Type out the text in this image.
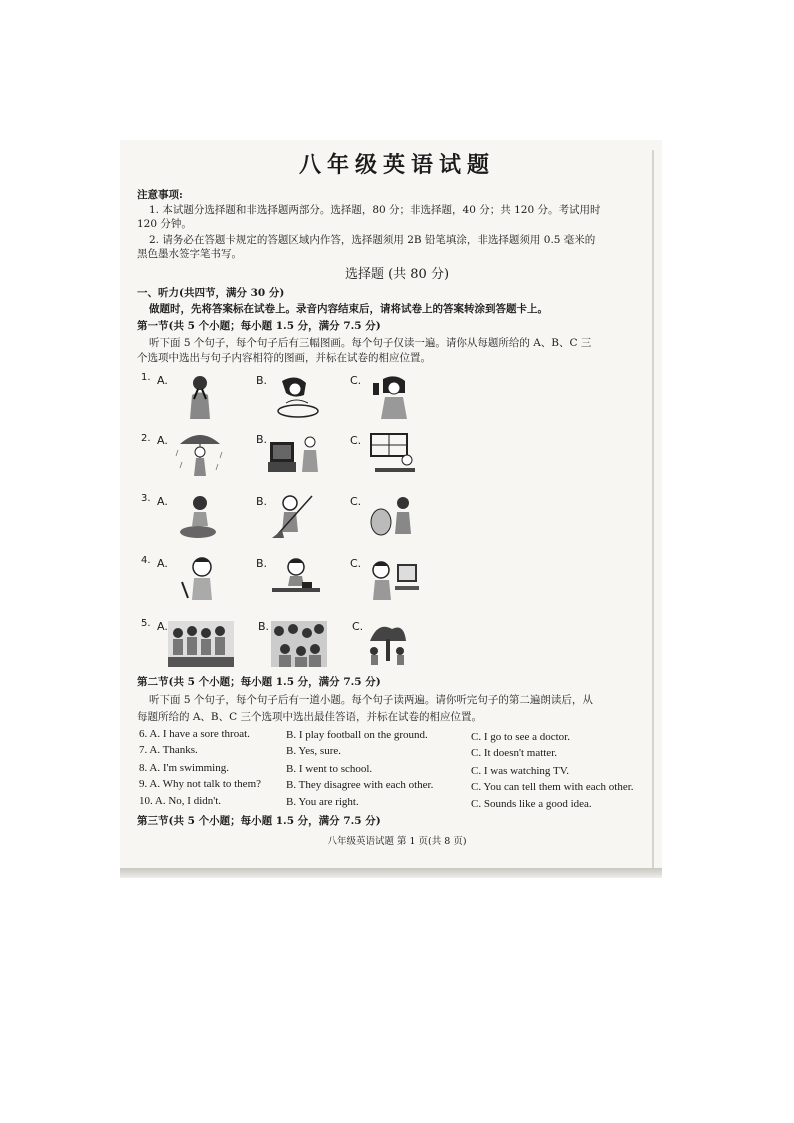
八年级英语试题
注意事项:
1. 本试题分选择题和非选择题两部分。选择题，80 分；非选择题，40 分；共 120 分。考试用时
120 分钟。
2. 请务必在答题卡规定的答题区域内作答，选择题须用 2B 铅笔填涂，非选择题须用 0.5 毫米的
黑色墨水签字笔书写。
选择题 (共 80 分)
一、听力(共四节，满分 30 分)
做题时，先将答案标在试卷上。录音内容结束后，请将试卷上的答案转涂到答题卡上。
第一节(共 5 个小题；每小题 1.5 分，满分 7.5 分)
听下面 5 个句子，每个句子后有三幅图画。每个句子仅读一遍。请你从每题所给的 A、B、C 三
个选项中选出与句子内容相符的图画，并标在试卷的相应位置。
1. A.	B.	C.
2. A.	B.	C.
3. A.	B.	C.
4. A.	B.	C.
5. A.	B.	C.
第二节(共 5 个小题；每小题 1.5 分，满分 7.5 分)
听下面 5 个句子，每个句子后有一道小题。每个句子读两遍。请你听完句子的第二遍朗读后，从
每题所给的 A、B、C 三个选项中选出最佳答语，并标在试卷的相应位置。
6. A. I have a sore throat.	B. I play football on the ground.	C. I go to see a doctor.
7. A. Thanks.	B. Yes, sure.	C. It doesn't matter.
8. A. I'm swimming.	B. I went to school.	C. I was watching TV.
9. A. Why not talk to them? B. They disagree with each other.	C. You can tell them with each other.
10. A. No, I didn't.	B. You are right.	C. Sounds like a good idea.
第三节(共 5 个小题；每小题 1.5 分，满分 7.5 分)
八年级英语试题 第 1 页(共 8 页)
